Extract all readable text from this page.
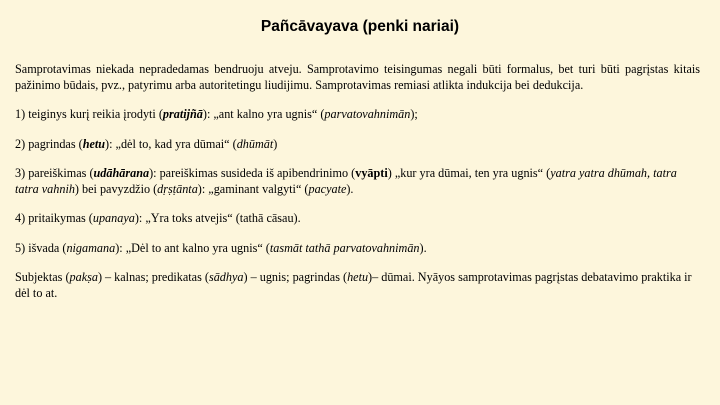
Pañcāvayava (penki nariai)

Samprotavimas niekada nepradedamas bendruoju atveju. Samprotavimo teisingumas negali būti formalus, bet turi būti pagrįstas kitais pažinimo būdais, pvz., patyrimu arba autoritetingu liudijimu. Samprotavimas remiasi atlikta indukcija bei dedukcija.

1) teiginys kurį reikia įrodyti (pratijñā): „ant kalno yra ugnis“ (parvatovahnimān);

2) pagrindas (hetu): „dėl to, kad yra dūmai“ (dhūmāt)

3) pareiškimas (udāhārana): pareiškimas susideda iš apibendrinimo (vyāpti) „kur yra dūmai, ten yra ugnis“ (yatra yatra dhūmah, tatra tatra vahnih) bei pavyzdžio (dṛṣṭānta): „gaminant valgyti“ (pacyate).

4) pritaikymas (upanaya): „Yra toks atvejis“ (tathā cāsau).

5) išvada (nigamana): „Dėl to ant kalno yra ugnis“ (tasmāt tathā parvatovahnimān).

Subjektas (pakṣa) – kalnas; predikatas (sādhya) – ugnis; pagrindas (hetu)– dūmai. Nyāyos samprotavimas pagrįstas debatavimo praktika ir dėl to at.
